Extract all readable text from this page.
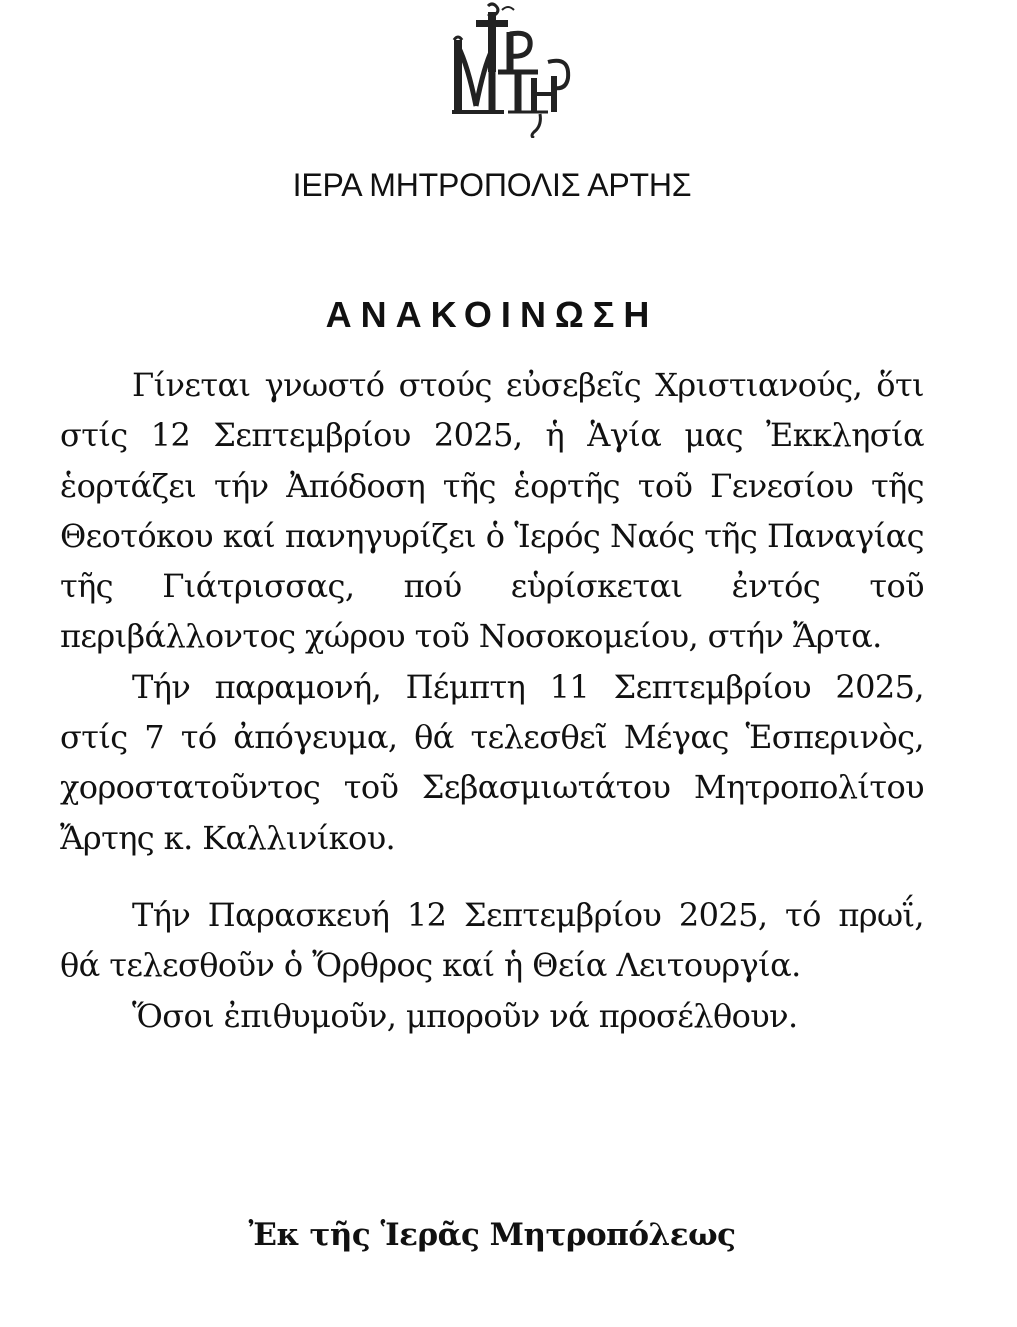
ΙΕΡΑ ΜΗΤΡΟΠΟΛΙΣ ΑΡΤΗΣ
ΑΝΑΚΟΙΝΩΣΗ

Γίνεται γνωστό στούς εὐσεβεῖς Χριστιανούς, ὅτι στίς 12 Σεπτεμβρίου 2025, ἡ Ἁγία μας Ἐκκλησία ἑορτάζει τήν Ἀπόδοση τῆς ἑορτῆς τοῦ Γενεσίου τῆς Θεοτόκου καί πανηγυρίζει ὁ Ἱερός Ναός τῆς Παναγίας τῆς Γιάτρισσας, πού εὑρίσκεται ἐντός τοῦ περιβάλλοντος χώρου τοῦ Νοσοκομείου, στήν Ἄρτα.

Τήν παραμονή, Πέμπτη 11 Σεπτεμβρίου 2025, στίς 7 τό ἀπόγευμα, θά τελεσθεῖ Μέγας Ἑσπερινὸς, χοροστατοῦντος τοῦ Σεβασμιωτάτου Μητροπολίτου Ἄρτης κ. Καλλινίκου.

Τήν Παρασκευή 12 Σεπτεμβρίου 2025, τό πρωΐ, θά τελεσθοῦν ὁ Ὄρθρος καί ἡ Θεία Λειτουργία.

Ὅσοι ἐπιθυμοῦν, μποροῦν νά προσέλθουν.

Ἐκ τῆς Ἱερᾶς Μητροπόλεως
